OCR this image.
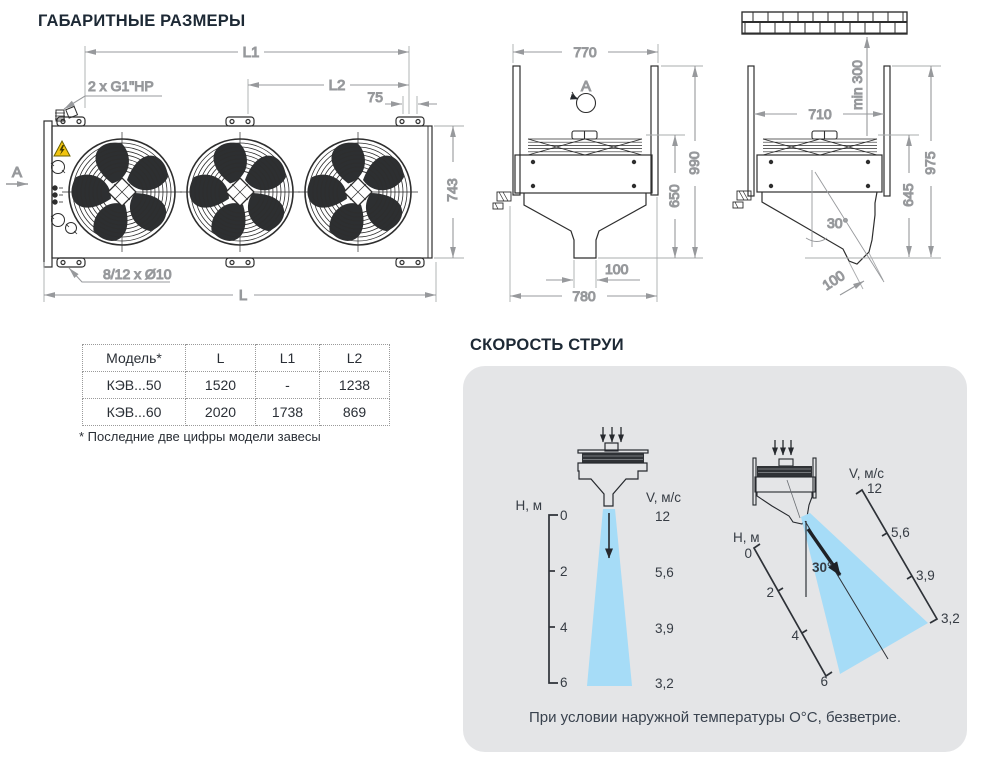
ГАБАРИТНЫЕ РАЗМЕРЫ
СКОРОСТЬ СТРУИ
L1
L2
75
743
L
A
2 x G1"HP
8/12 x Ø10
770
990
650
100
780
A	min 300
710
975
645
30°
100
H, м
0
2
4
6
V, м/с
12
5,6
3,9
3,2
30°
H, м
0
2
4
6
V, м/с
12
5,6
3,9
3,2
Модель*	L	L1	L2
КЭВ...50	1520	-	1238
КЭВ...60	2020	1738	869
* Последние две цифры модели завесы
При условии наружной температуры О°С, безветрие.
